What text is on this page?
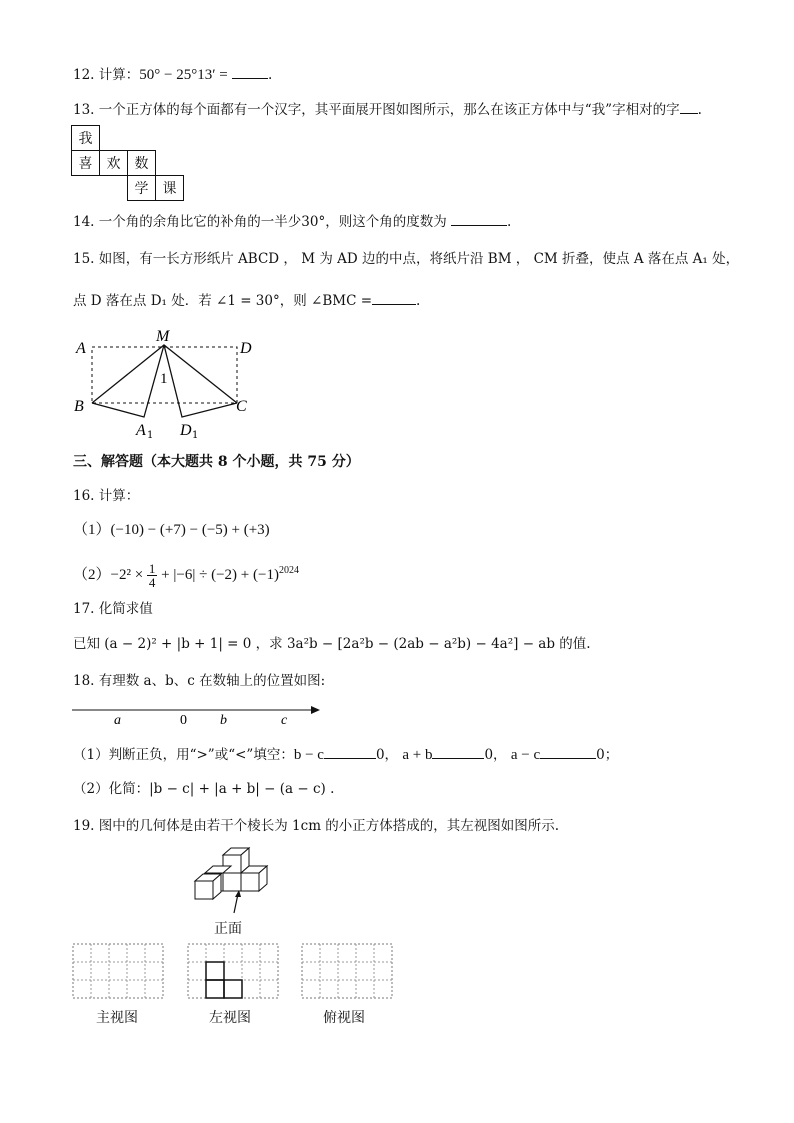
12. 计算：50° − 25°13′ =	.
13. 一个正方体的每个面都有一个汉字，其平面展开图如图所示，那么在该正方体中与“我”字相对的字 .
我			
喜	欢	数	
		学	课
14. 一个角的余角比它的补角的一半少30°，则这个角的度数为	.
15. 如图，有一长方形纸片 ABCD ， M 为 AD 边的中点，将纸片沿 BM ， CM 折叠，使点 A 落在点 A₁ 处，
点 D 落在点 D₁ 处．若 ∠1 = 30°，则 ∠BMC =	.
A
M
D
B	C
1
A 1 D 1
三、解答题（本大题共 8 个小题，共 75 分）
16. 计算：
（1）(−10) − (+7) − (−5) + (+3)
$(2)-2^2 \times \frac{1}{4} + |-6| \div (-2) + (-1)^{2024}$
17. 化简求值
已知 (a − 2)² + |b + 1| = 0 ，求 3a²b − [2a²b − (2ab − a²b) − 4a²] − ab 的值.
18. 有理数 a、b、c 在数轴上的位置如图:
a	0 b	c
（1）判断正负，用“>”或“<”填空：b − c	0， a + b	0， a − c	0；
（2）化简：|b − c| + |a + b| − (a − c) .
19. 图中的几何体是由若干个棱长为 1cm 的小正方体搭成的，其左视图如图所示.
正面
主视图	左视图	俯视图
